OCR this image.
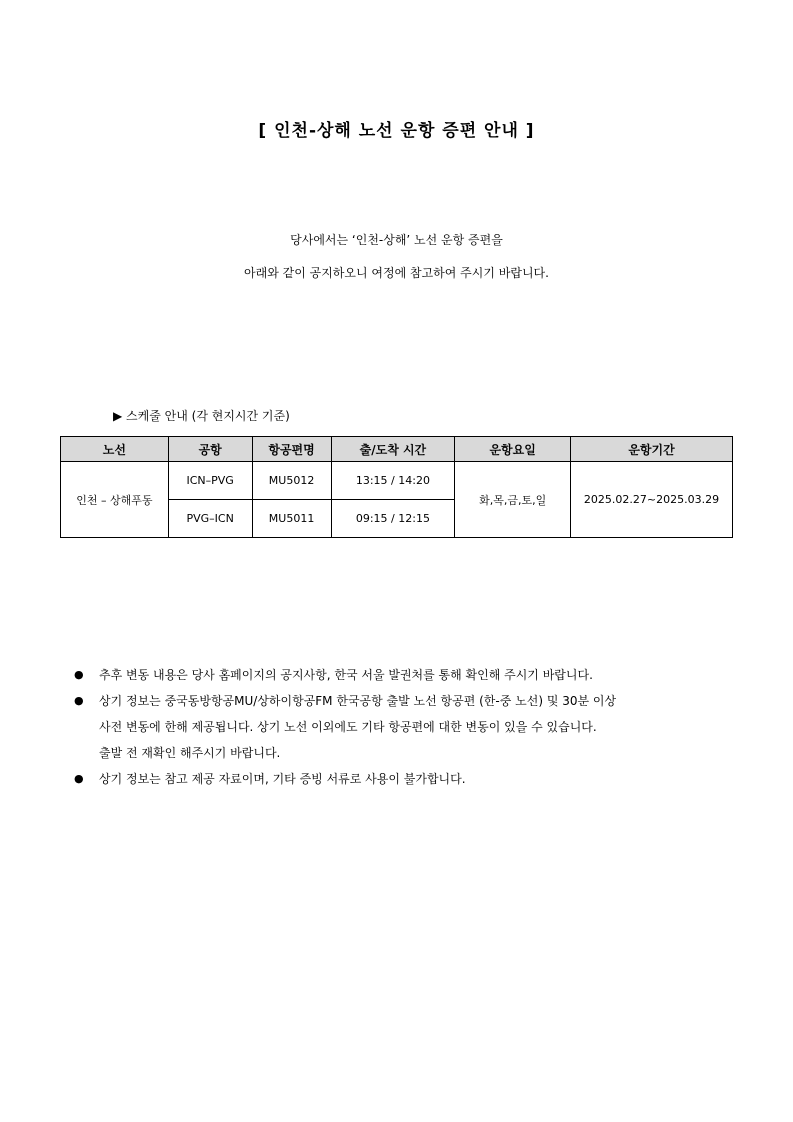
[ 인천-상해 노선 운항 증편 안내 ]
당사에서는 ‘인천-상해’ 노선 운항 증편을
아래와 같이 공지하오니 여정에 참고하여 주시기 바랍니다.
▶ 스케줄 안내 (각 현지시간 기준)
노선	공항	항공편명	출/도착 시간	운항요일	운항기간
인천 – 상해푸동	ICN–PVG	MU5012	13:15 / 14:20	화,목,금,토,일	2025.02.27~2025.03.29
	PVG–ICN	MU5011	09:15 / 12:15		
● 추후 변동 내용은 당사 홈페이지의 공지사항, 한국 서울 발권처를 통해 확인해 주시기 바랍니다.
● 상기 정보는 중국동방항공MU/상하이항공FM 한국공항 출발 노선 항공편 (한-중 노선) 및 30분 이상
사전 변동에 한해 제공됩니다. 상기 노선 이외에도 기타 항공편에 대한 변동이 있을 수 있습니다.
출발 전 재확인 해주시기 바랍니다.
● 상기 정보는 참고 제공 자료이며, 기타 증빙 서류로 사용이 불가합니다.
